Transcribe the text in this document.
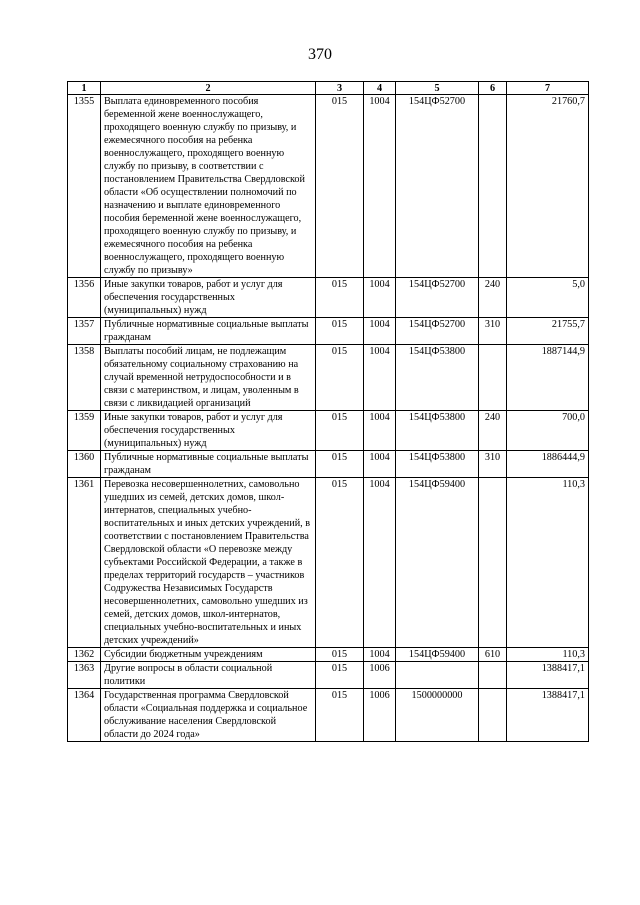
370
1	2	3	4	5	6	7
1355	Выплата единовременного пособия беременной жене военнослужащего, проходящего военную службу по призыву, и ежемесячного пособия на ребенка военнослужащего, проходящего военную службу по призыву, в соответствии с постановлением Правительства Свердловской области «Об осуществлении полномочий по назначению и выплате единовременного пособия беременной жене военнослужащего, проходящего военную службу по призыву, и ежемесячного пособия на ребенка военнослужащего, проходящего военную службу по призыву»	015	1004	154ЦФ52700		21760,7
1356	Иные закупки товаров, работ и услуг для обеспечения государственных (муниципальных) нужд	015	1004	154ЦФ52700	240	5,0
1357	Публичные нормативные социальные выплаты гражданам	015	1004	154ЦФ52700	310	21755,7
1358	Выплаты пособий лицам, не подлежащим обязательному социальному страхованию на случай временной нетрудоспособности и в связи с материнством, и лицам, уволенным в связи с ликвидацией организаций	015	1004	154ЦФ53800		1887144,9
1359	Иные закупки товаров, работ и услуг для обеспечения государственных (муниципальных) нужд	015	1004	154ЦФ53800	240	700,0
1360	Публичные нормативные социальные выплаты гражданам	015	1004	154ЦФ53800	310	1886444,9
1361	Перевозка несовершеннолетних, самовольно ушедших из семей, детских домов, школ-интернатов, специальных учебно-воспитательных и иных детских учреждений, в соответствии с постановлением Правительства Свердловской области «О перевозке между субъектами Российской Федерации, а также в пределах территорий государств – участников Содружества Независимых Государств несовершеннолетних, самовольно ушедших из семей, детских домов, школ-интернатов, специальных учебно-воспитательных и иных детских учреждений»	015	1004	154ЦФ59400		110,3
1362	Субсидии бюджетным учреждениям	015	1004	154ЦФ59400	610	110,3
1363	Другие вопросы в области социальной политики	015	1006			1388417,1
1364	Государственная программа Свердловской области «Социальная поддержка и социальное обслуживание населения Свердловской области до 2024 года»	015	1006	1500000000		1388417,1
